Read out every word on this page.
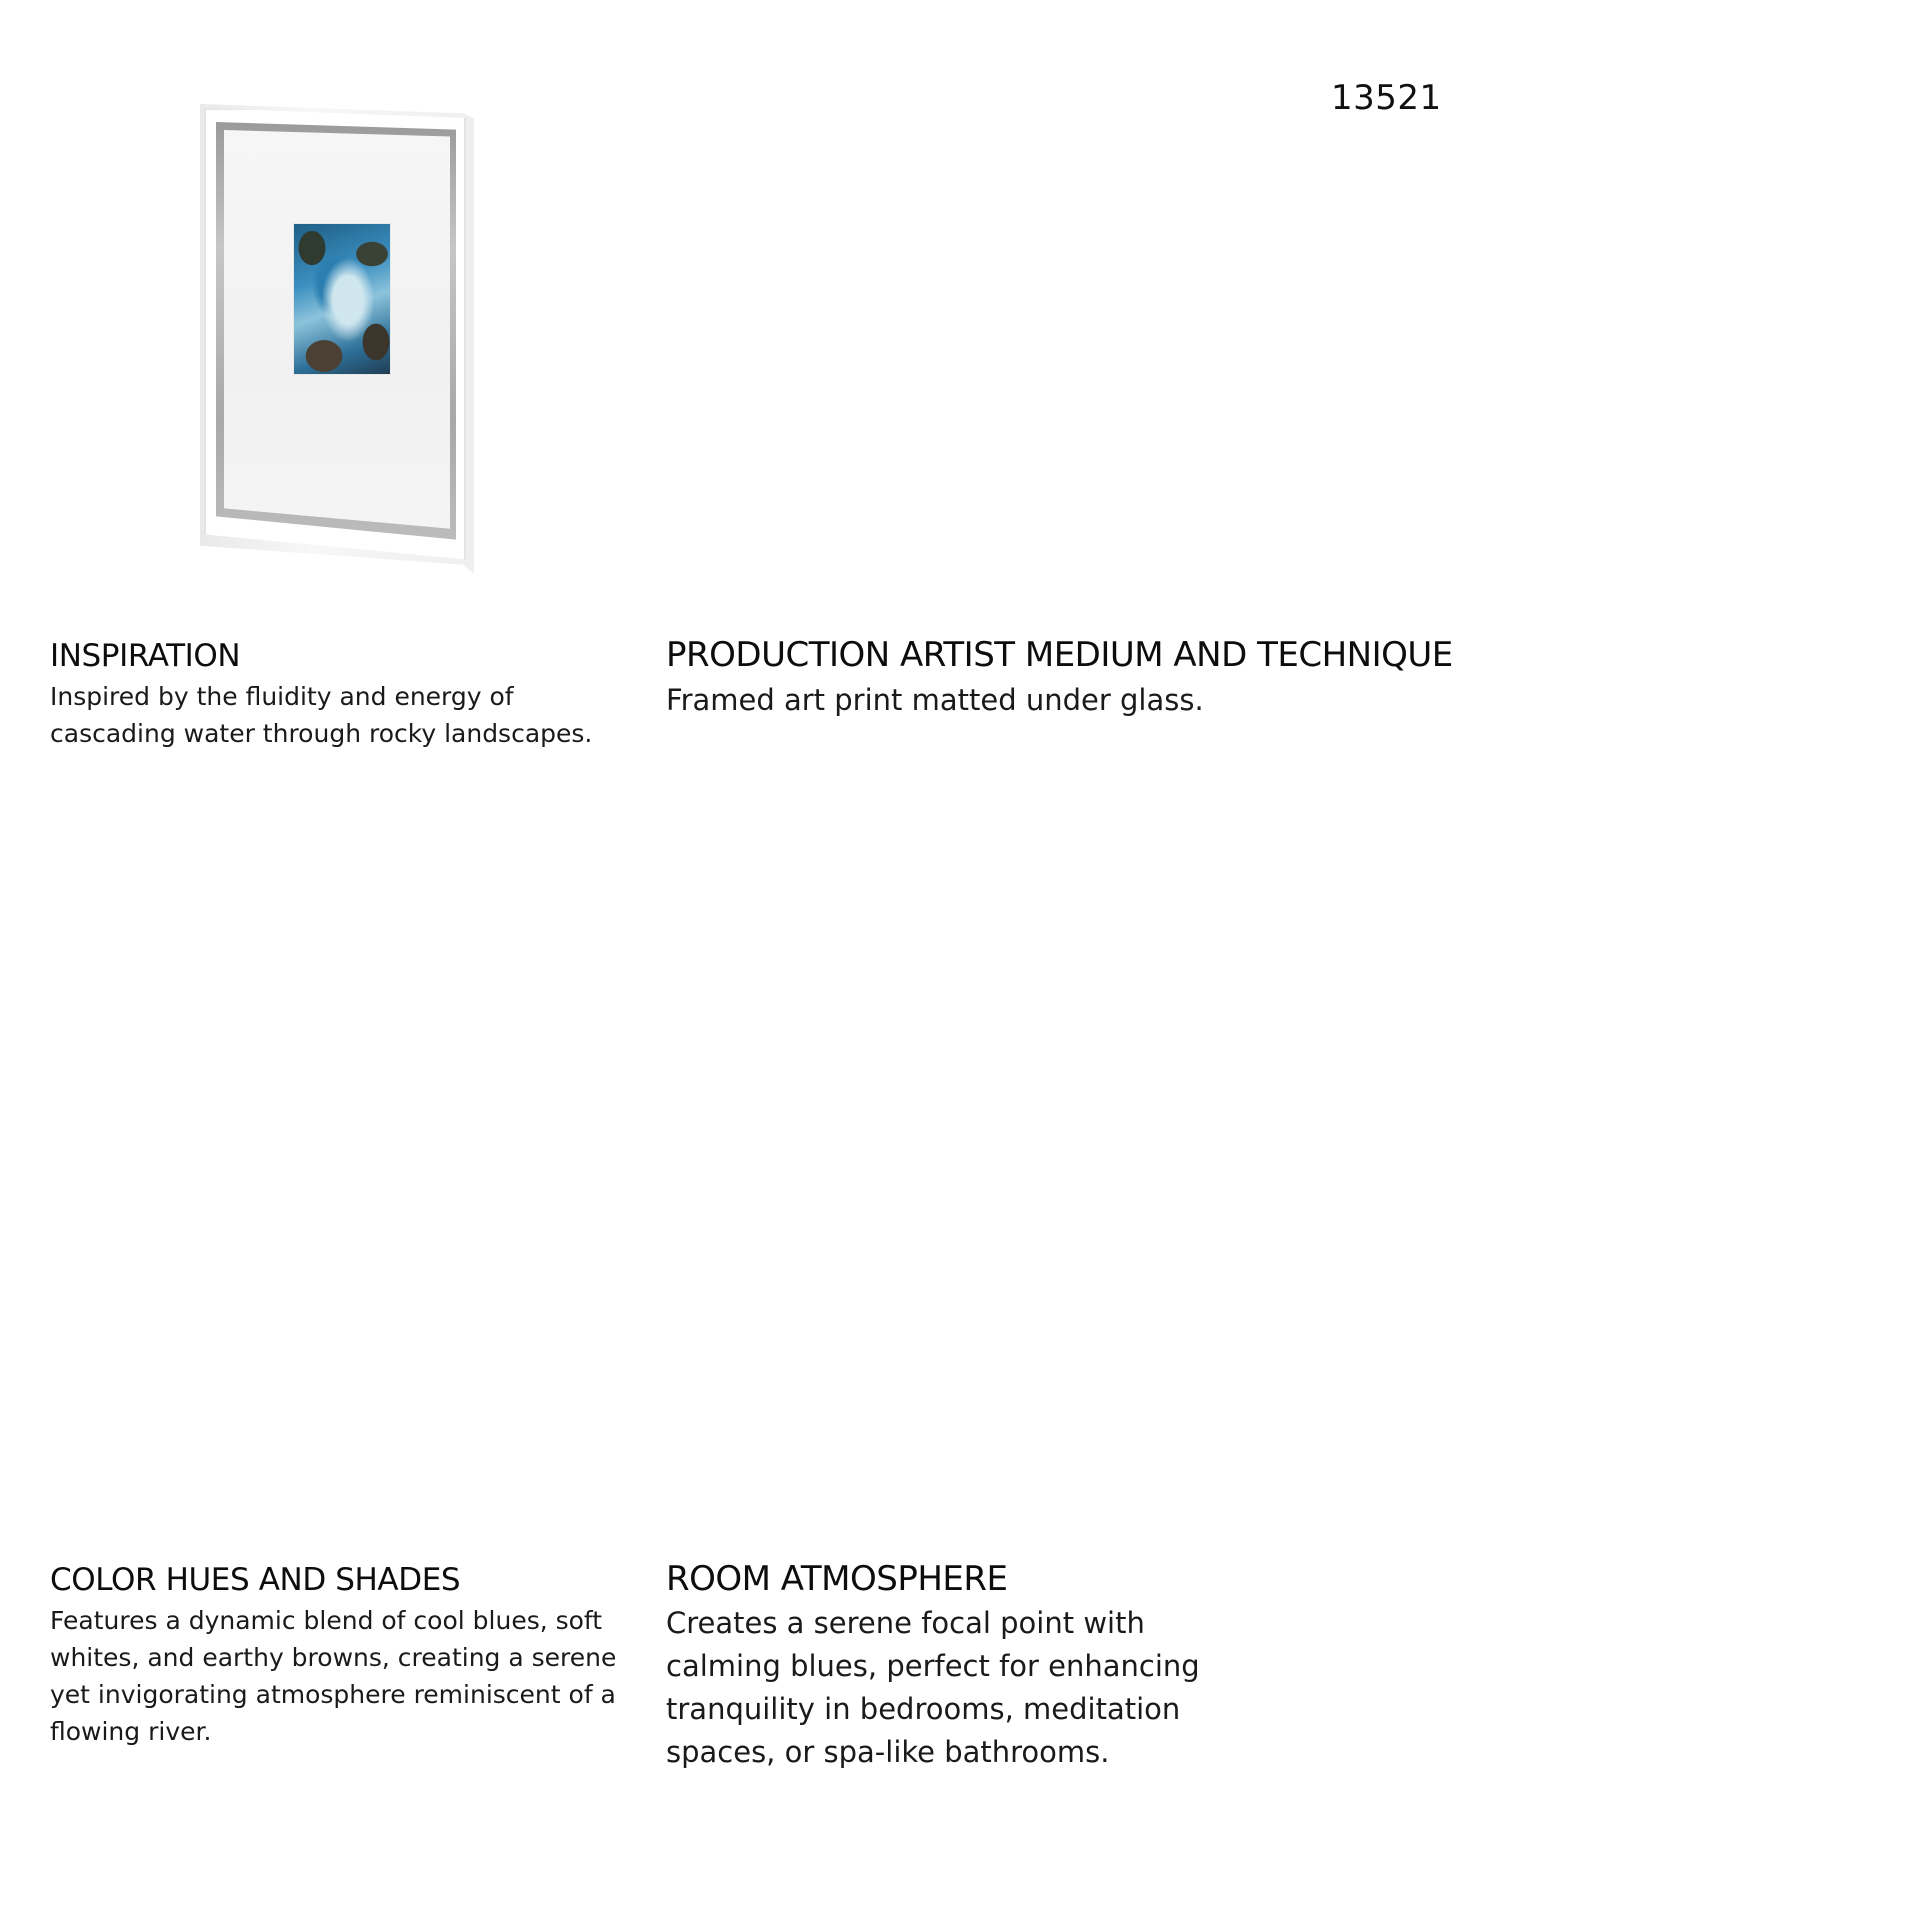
13521
INSPIRATION

Inspired by the fluidity and energy of cascading water through rocky landscapes.

PRODUCTION ARTIST MEDIUM AND TECHNIQUE

Framed art print matted under glass.

COLOR HUES AND SHADES

Features a dynamic blend of cool blues, soft whites, and earthy browns, creating a serene yet invigorating atmosphere reminiscent of a flowing river.

ROOM ATMOSPHERE

Creates a serene focal point with calming blues, perfect for enhancing tranquility in bedrooms, meditation spaces, or spa-like bathrooms.
